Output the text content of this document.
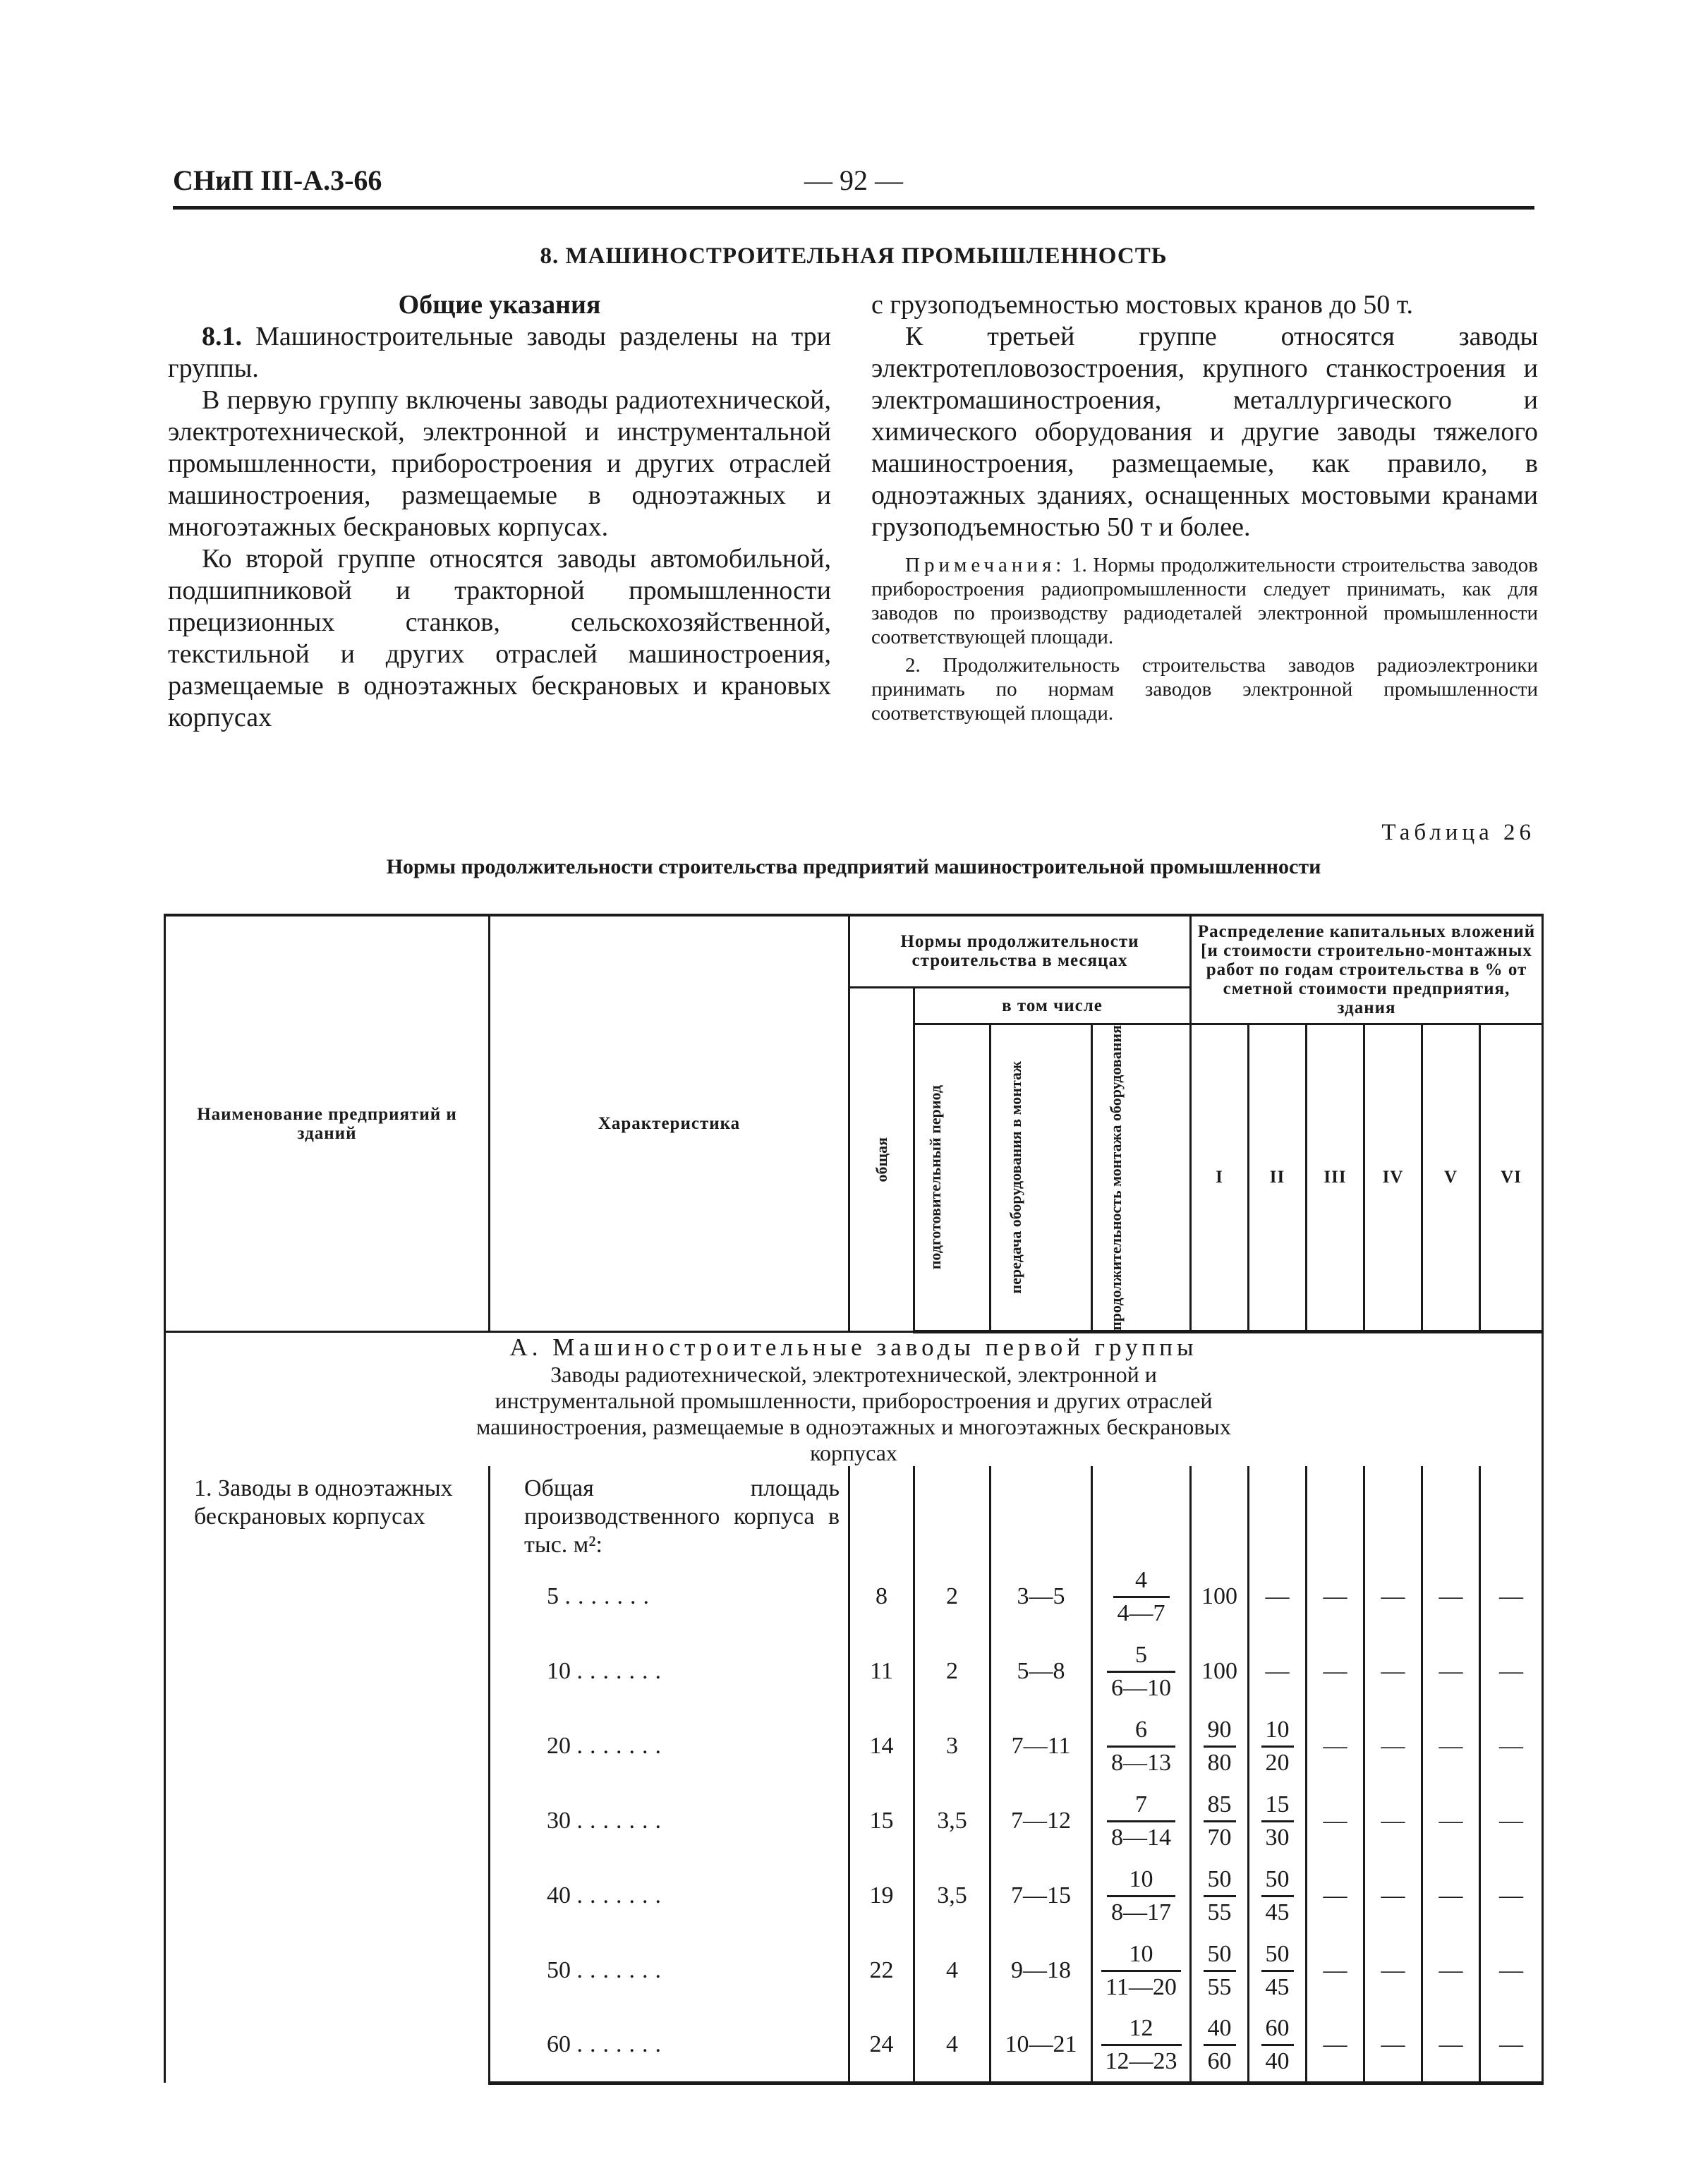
СНиП III-А.3-66	— 92 —
8. МАШИНОСТРОИТЕЛЬНАЯ ПРОМЫШЛЕННОСТЬ

Общие указания

8.1. Машиностроительные заводы разделены на три группы.

В первую группу включены заводы радиотехнической, электротехнической, электронной и инструментальной промышленности, приборостроения и других отраслей машиностроения, размещаемые в одноэтажных и многоэтажных бескрановых корпусах.

Ко второй группе относятся заводы автомобильной, подшипниковой и тракторной промышленности прецизионных станков, сельскохозяйственной, текстильной и других отраслей машиностроения, размещаемые в одноэтажных бескрановых и крановых корпусах

с грузоподъемностью мостовых кранов до 50 т.

К третьей группе относятся заводы электротепловозостроения, крупного станкостроения и электромашиностроения, металлургического и химического оборудования и другие заводы тяжелого машиностроения, размещаемые, как правило, в одноэтажных зданиях, оснащенных мостовыми кранами грузоподъемностью 50 т и более.

Примечания: 1. Нормы продолжительности строительства заводов приборостроения радиопромышленности следует принимать, как для заводов по производству радиодеталей электронной промышленности соответствующей площади.

2. Продолжительность строительства заводов радиоэлектроники принимать по нормам заводов электронной промышленности соответствующей площади.

Таблица 26
Нормы продолжительности строительства предприятий машиностроительной промышленности
Наименование предприятий и зданий	Характеристика	Нормы продолжительности строительства в месяцах				Распределение капитальных вложений [и стоимости строительно-монтажных работ по годам строительства в % от сметной стоимости предприятия, здания					

		общая	в том числе								

			подготовительный период	передача оборудования в монтаж	продолжительность монтажа оборудования	I	II	III	IV	V	VI
А. Машиностроительные заводы первой группы											

Заводы радиотехнической, электротехнической, электронной и инструментальной промышленности, приборостроения и других отраслей машиностроения, размещаемые в одноэтажных и многоэтажных бескрановых корпусах											

1. Заводы в одноэтажных бескрановых корпусах	Общая площадь производственного корпуса в тыс. м²:										
	5 .......	8	2	3—5	$\frac{4}{4—7}$	100	—	—	—	—	—
	10 .......	11	2	5—8	$\frac{5}{6—10}$	100	—	—	—	—	—
	20 .......	14	3	7—11	$\frac{6}{8—13}$	$\frac{90}{80}$	$\frac{10}{20}$	—	—	—	—
	30 .......	15	3,5	7—12	$\frac{7}{8—14}$	$\frac{85}{70}$	$\frac{15}{30}$	—	—	—	—
	40 .......	19	3,5	7—15	$\frac{10}{8—17}$	$\frac{50}{55}$	$\frac{50}{45}$	—	—	—	—
	50 .......	22	4	9—18	$\frac{10}{11—20}$	$\frac{50}{55}$	$\frac{50}{45}$	—	—	—	—
	60 .......	24	4	10—21	$\frac{12}{12—23}$	$\frac{40}{60}$	$\frac{60}{40}$	—	—	—	—
